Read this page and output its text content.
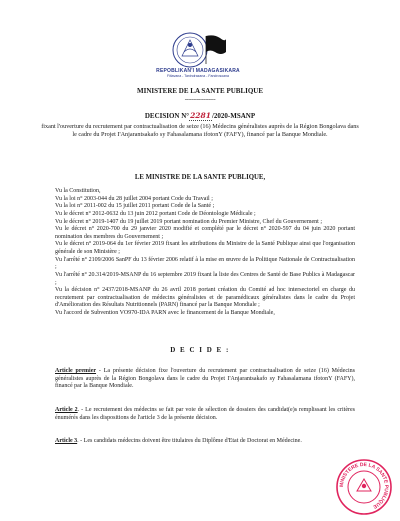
REPOBLIKAN'I MADAGASIKARA
Fitiavana - Tanindrazana - Fandrosoana
MINISTERE DE LA SANTE PUBLIQUE
------------------
DECISION N°2281/2020-MSANP
fixant l'ouverture du recrutement par contractualisation de seize (16) Médecins généralistes auprès de la Région Bongolava dans le cadre du Projet I'Anjarantsakafo sy Fahasalamana ifotonY (FAFY), financé par la Banque Mondiale.
LE MINISTRE DE LA SANTE PUBLIQUE,
Vu la Constitution,
Vu la loi n° 2003-044 du 28 juillet 2004 portant Code du Travail ;
Vu la loi n° 2011-002 du 15 juillet 2011 portant Code de la Santé ;
Vu le décret n° 2012-0632 du 13 juin 2012 portant Code de Déontologie Médicale ;
Vu le décret n° 2019-1407 du 19 juillet 2019 portant nomination du Premier Ministre, Chef du Gouvernement ;
Vu le décret n° 2020-700 du 29 janvier 2020 modifié et complété par le décret n° 2020-597 du 04 juin 2020 portant nomination des membres du Gouvernement ;
Vu le décret n° 2019-064 du 1er février 2019 fixant les attributions du Ministre de la Santé Publique ainsi que l'organisation générale de son Ministère ;
Vu l'arrêté n° 2109/2006 SanPF du 13 février 2006 relatif à la mise en œuvre de la Politique Nationale de Contractualisation ;
Vu l'arrêté n° 20.314/2019-MSANP du 16 septembre 2019 fixant la liste des Centres de Santé de Base Publics à Madagascar ;
Vu la décision n° 2437/2018-MSANP du 26 avril 2018 portant création du Comité ad hoc intersectoriel en charge du recrutement par contractualisation de médecins généralistes et de paramédicaux généralistes dans le cadre du Projet d'Amélioration des Résultats Nutritionnels (PARN) financé par la Banque Mondiale ;
Vu l'accord de Subvention VO970-IDA PARN avec le financement de la Banque Mondiale,
D E C I D E :
Article premier - La présente décision fixe l'ouverture du recrutement par contractualisation de seize (16) Médecins généralistes auprès de la Région Bongolava dans le cadre du Projet I'Anjarantsakafo sy Fahasalamana ifotonY (FAFY), financé par la Banque Mondiale.
Article 2. - Le recrutement des médecins se fait par voie de sélection de dossiers des candidat(e)s remplissant les critères énumérés dans les dispositions de l'article 3 de la présente décision.
Article 3. - Les candidats médecins doivent être titulaires du Diplôme d'Etat de Doctorat en Médecine.
MINISTERE DE LA SANTE PUBLIQUE
